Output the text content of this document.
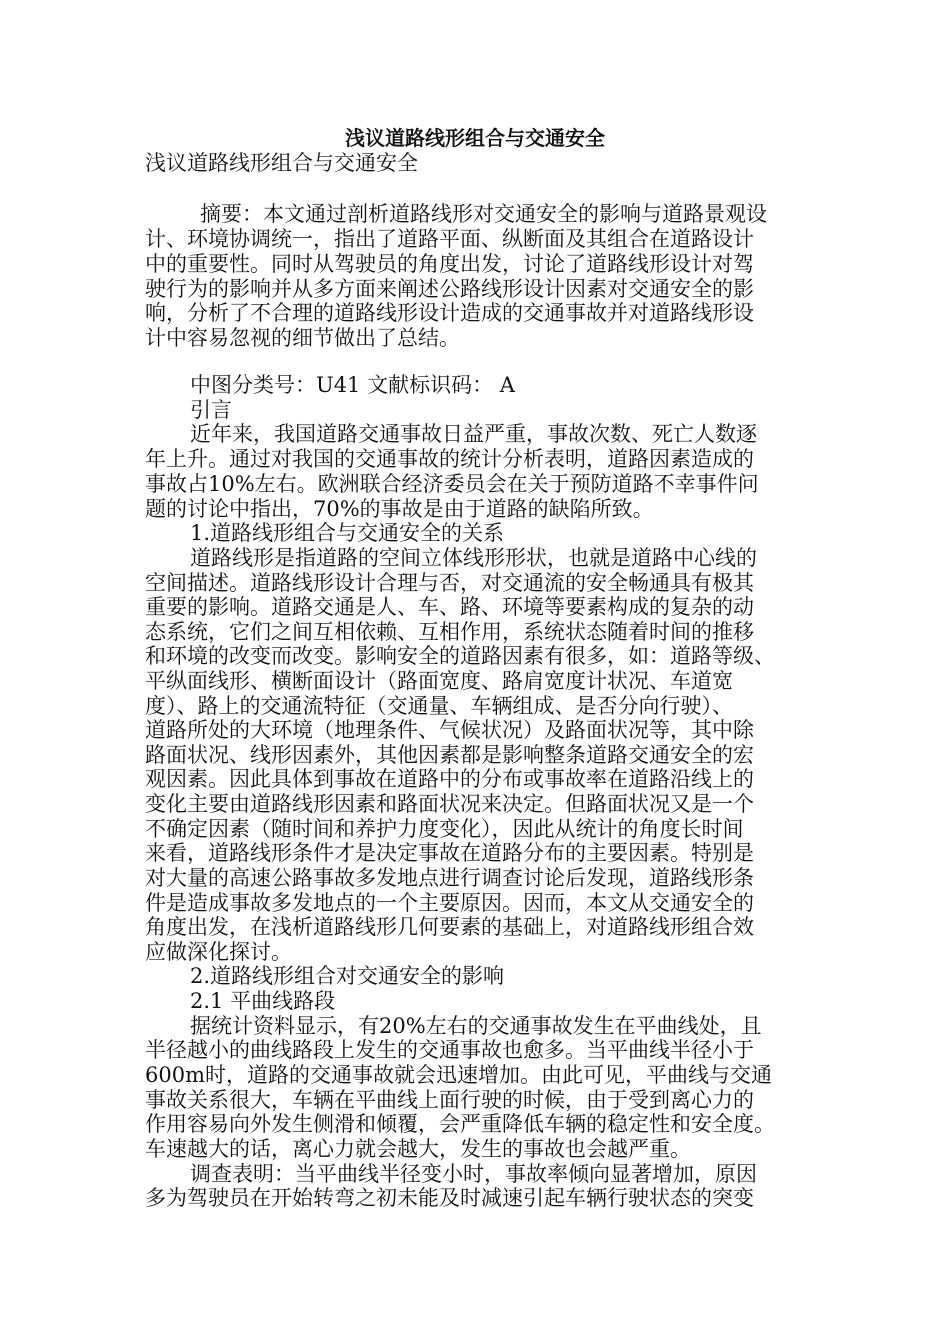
浅议道路线形组合与交通安全
浅议道路线形组合与交通安全
摘要：本文通过剖析道路线形对交通安全的影响与道路景观设
计、环境协调统一，指出了道路平面、纵断面及其组合在道路设计
中的重要性。同时从驾驶员的角度出发，讨论了道路线形设计对驾
驶行为的影响并从多方面来阐述公路线形设计因素对交通安全的影
响，分析了不合理的道路线形设计造成的交通事故并对道路线形设
计中容易忽视的细节做出了总结。
中图分类号：U41 文献标识码： A
引言
近年来，我国道路交通事故日益严重，事故次数、死亡人数逐
年上升。通过对我国的交通事故的统计分析表明，道路因素造成的
事故占10%左右。欧洲联合经济委员会在关于预防道路不幸事件问
题的讨论中指出，70%的事故是由于道路的缺陷所致。
1.道路线形组合与交通安全的关系
道路线形是指道路的空间立体线形形状，也就是道路中心线的
空间描述。道路线形设计合理与否，对交通流的安全畅通具有极其
重要的影响。道路交通是人、车、路、环境等要素构成的复杂的动
态系统，它们之间互相依赖、互相作用，系统状态随着时间的推移
和环境的改变而改变。影响安全的道路因素有很多，如：道路等级、
平纵面线形、横断面设计（路面宽度、路肩宽度计状况、车道宽
度）、路上的交通流特征（交通量、车辆组成、是否分向行驶）、
道路所处的大环境（地理条件、气候状况）及路面状况等，其中除
路面状况、线形因素外，其他因素都是影响整条道路交通安全的宏
观因素。因此具体到事故在道路中的分布或事故率在道路沿线上的
变化主要由道路线形因素和路面状况来决定。但路面状况又是一个
不确定因素（随时间和养护力度变化），因此从统计的角度长时间
来看，道路线形条件才是决定事故在道路分布的主要因素。特别是
对大量的高速公路事故多发地点进行调查讨论后发现，道路线形条
件是造成事故多发地点的一个主要原因。因而，本文从交通安全的
角度出发，在浅析道路线形几何要素的基础上，对道路线形组合效
应做深化探讨。
2.道路线形组合对交通安全的影响
2.1 平曲线路段
据统计资料显示，有20%左右的交通事故发生在平曲线处，且
半径越小的曲线路段上发生的交通事故也愈多。当平曲线半径小于
600m时，道路的交通事故就会迅速增加。由此可见，平曲线与交通
事故关系很大，车辆在平曲线上面行驶的时候，由于受到离心力的
作用容易向外发生侧滑和倾覆，会严重降低车辆的稳定性和安全度。
车速越大的话，离心力就会越大，发生的事故也会越严重。
调查表明：当平曲线半径变小时，事故率倾向显著增加，原因
多为驾驶员在开始转弯之初未能及时减速引起车辆行驶状态的突变
